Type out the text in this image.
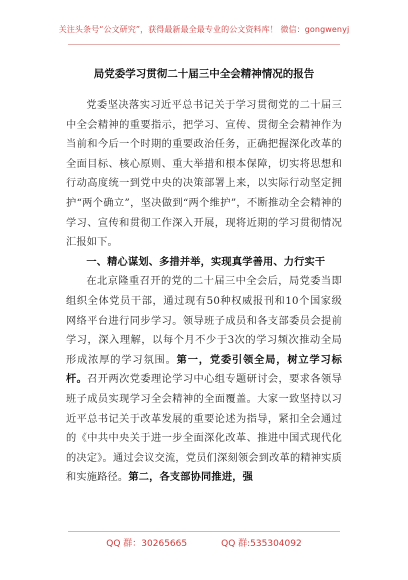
关注头条号“公文研究”，获得最新最全最专业的公文资料库！ 微信：gongwenyj
局党委学习贯彻二十届三中全会精神情况的报告

党委坚决落实习近平总书记关于学习贯彻党的二十届三中全会精神的重要指示，把学习、宣传、贯彻全会精神作为当前和今后一个时期的重要政治任务，正确把握深化改革的全面目标、核心原则、重大举措和根本保障，切实将思想和行动高度统一到党中央的决策部署上来，以实际行动坚定拥护“两个确立”，坚决做到“两个维护”，不断推动全会精神的学习、宣传和贯彻工作深入开展，现将近期的学习贯彻情况汇报如下。

一、精心谋划、多措并举，实现真学善用、力行实干

在北京隆重召开的党的二十届三中全会后，局党委当即组织全体党员干部，通过现有50种权威报刊和10个国家级网络平台进行同步学习。领导班子成员和各支部委员会提前学习，深入理解，以每个月不少于3次的学习频次推动全局形成浓厚的学习氛围。第一，党委引领全局，树立学习标杆。召开两次党委理论学习中心组专题研讨会，要求各领导班子成员实现学习全会精神的全面覆盖。大家一致坚持以习近平总书记关于改革发展的重要论述为指导，紧扣全会通过的《中共中央关于进一步全面深化改革、推进中国式现代化的决定》。通过会议交流，党员们深刻领会到改革的精神实质和实施路径。第二，各支部协同推进，强

QQ 群：30265665	QQ 群:535304092
